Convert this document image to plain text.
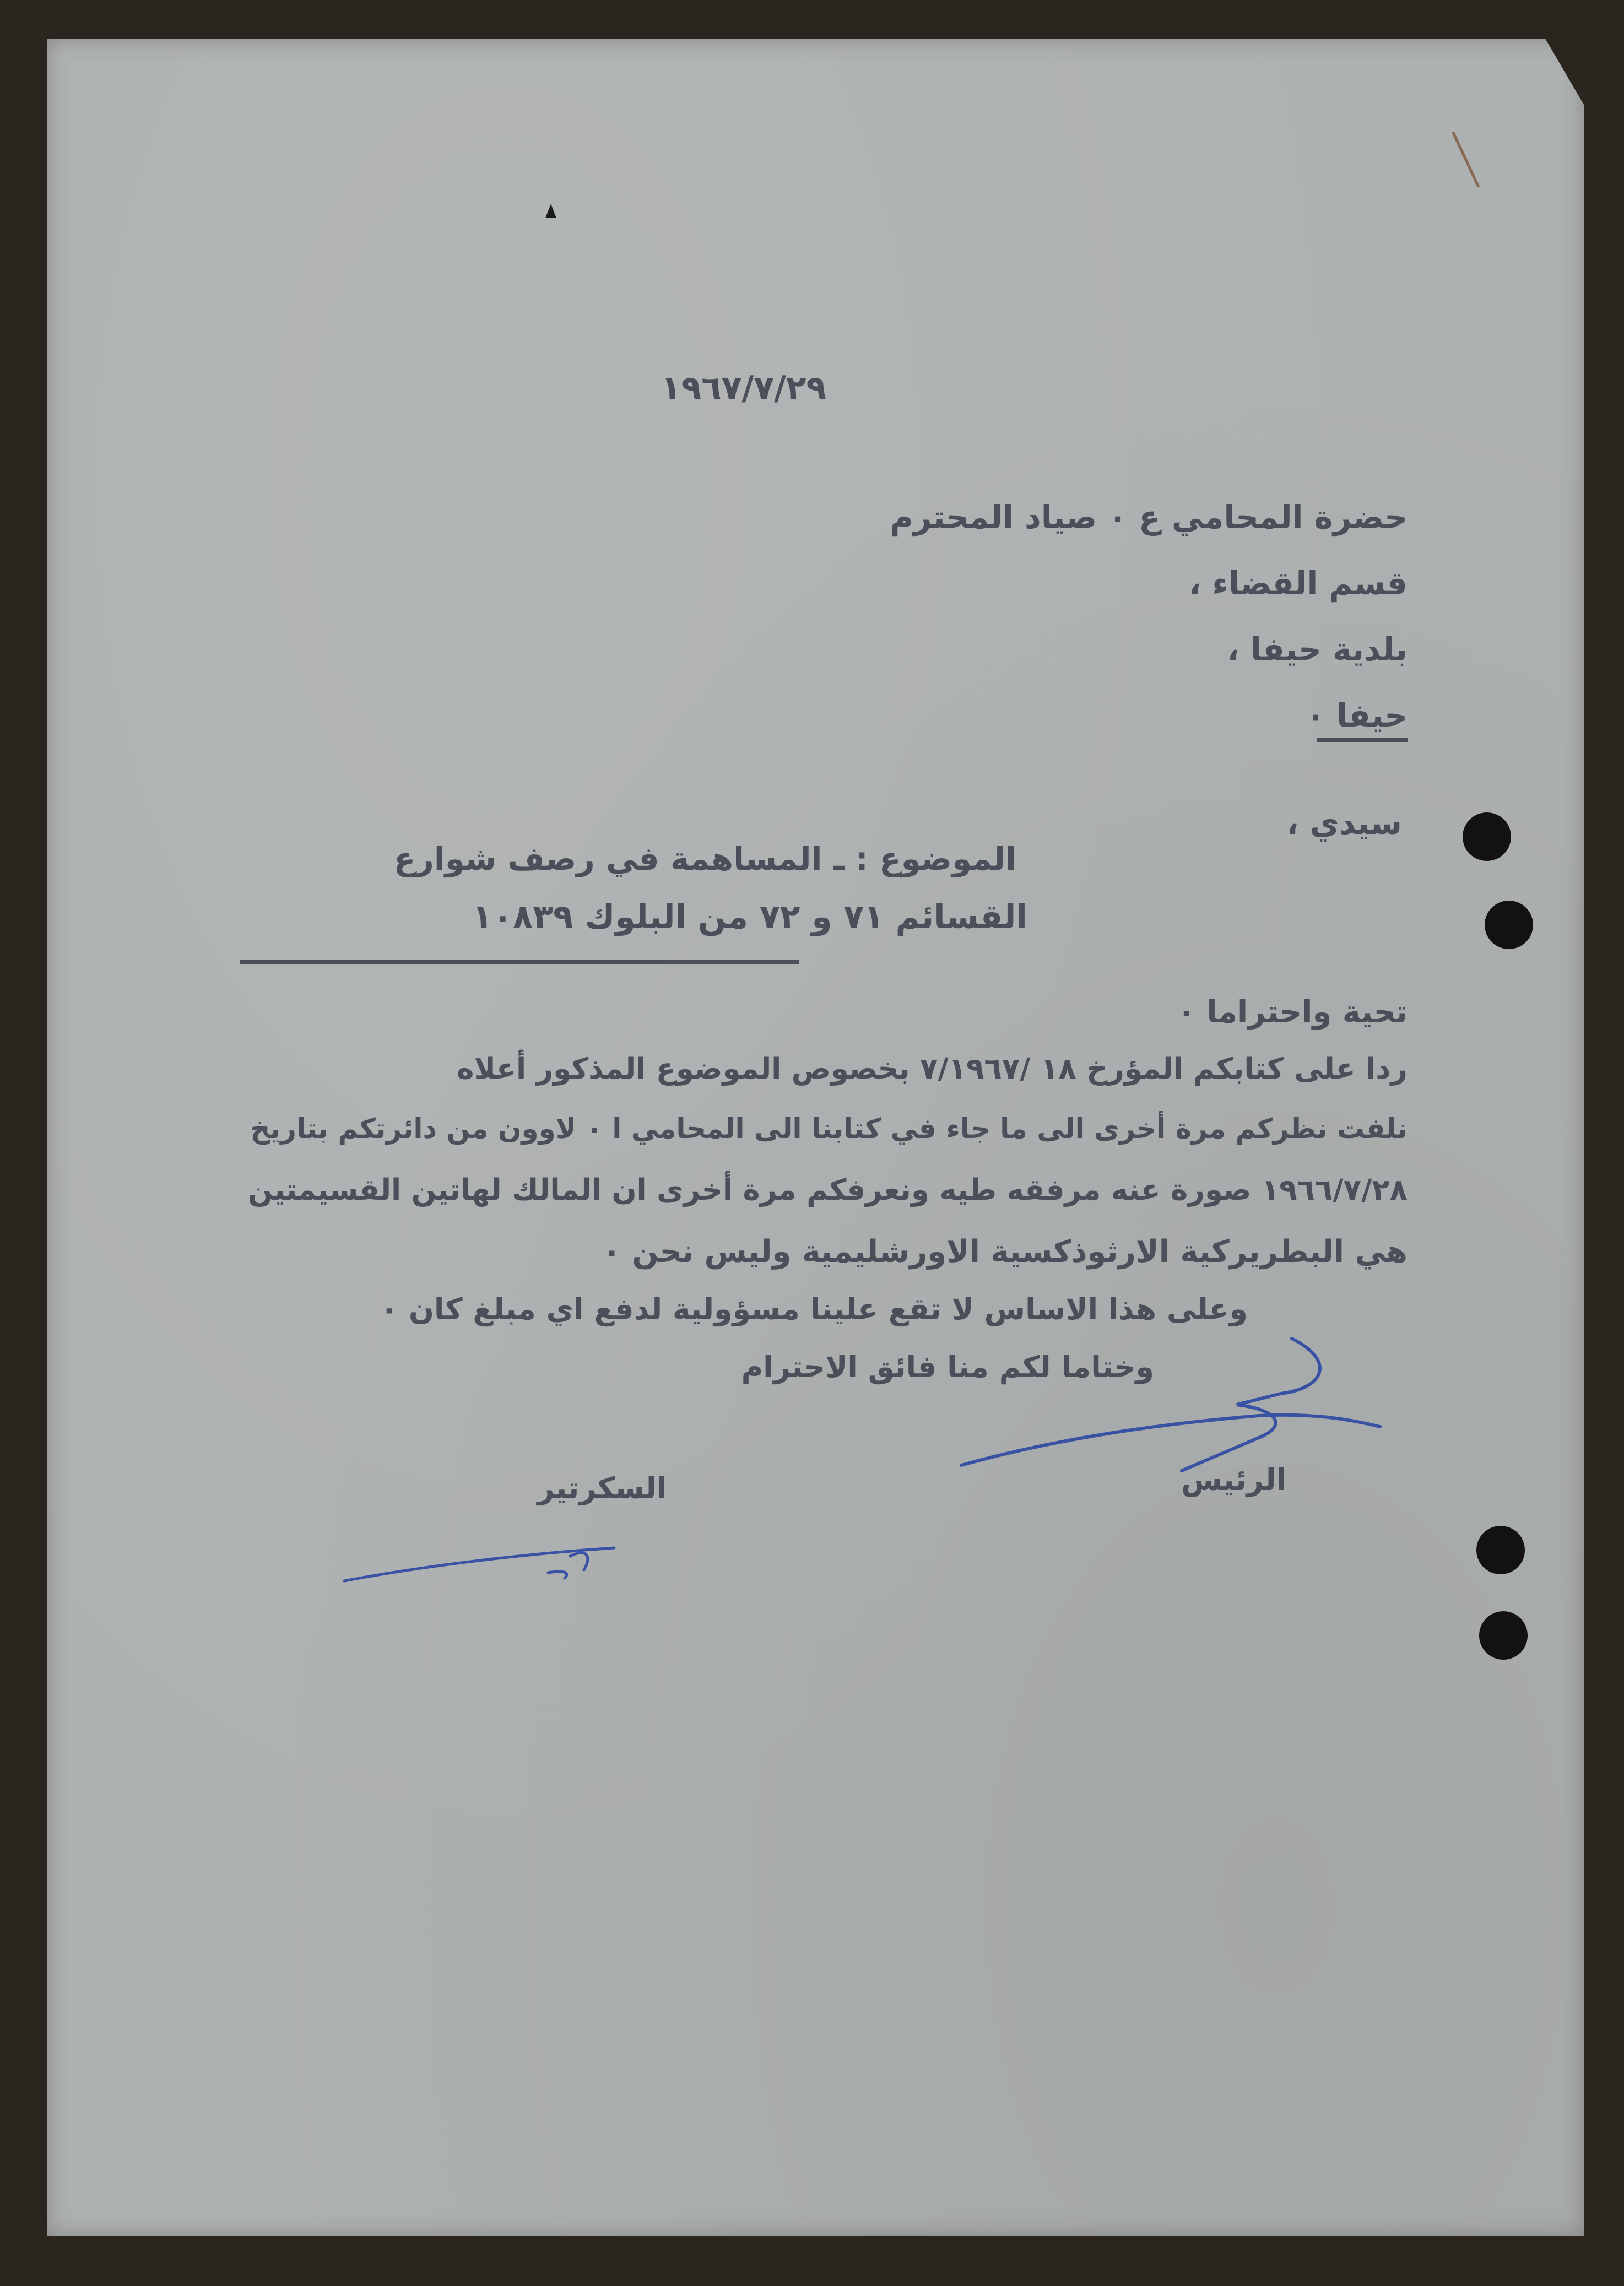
١٩٦٧/٧/٢٩

حضرة المحامي ع ٠ صياد المحترم

قسم القضاء ،

بلدية حيفا ،

حيفا ٠

سيدي ،

الموضوع : ـ المساهمة في رصف شوارع

القسائم ٧١ و ٧٢ من البلوك ١٠٨٣٩

تحية واحتراما ٠

ردا على كتابكم المؤرخ ١٨ /٧/١٩٦٧ بخصوص الموضوع المذكور أعلاه

نلفت نظركم مرة أخرى الى ما جاء في كتابنا الى المحامي ا ٠ لاوون من دائرتكم بتاريخ

١٩٦٦/٧/٢٨ صورة عنه مرفقه طيه ونعرفكم مرة أخرى ان المالك لهاتين القسيمتين

هي البطريركية الارثوذكسية الاورشليمية وليس نحن ٠

وعلى هذا الاساس لا تقع علينا مسؤولية لدفع اي مبلغ كان ٠

وختاما لكم منا فائق الاحترام

الرئيس

السكرتير
